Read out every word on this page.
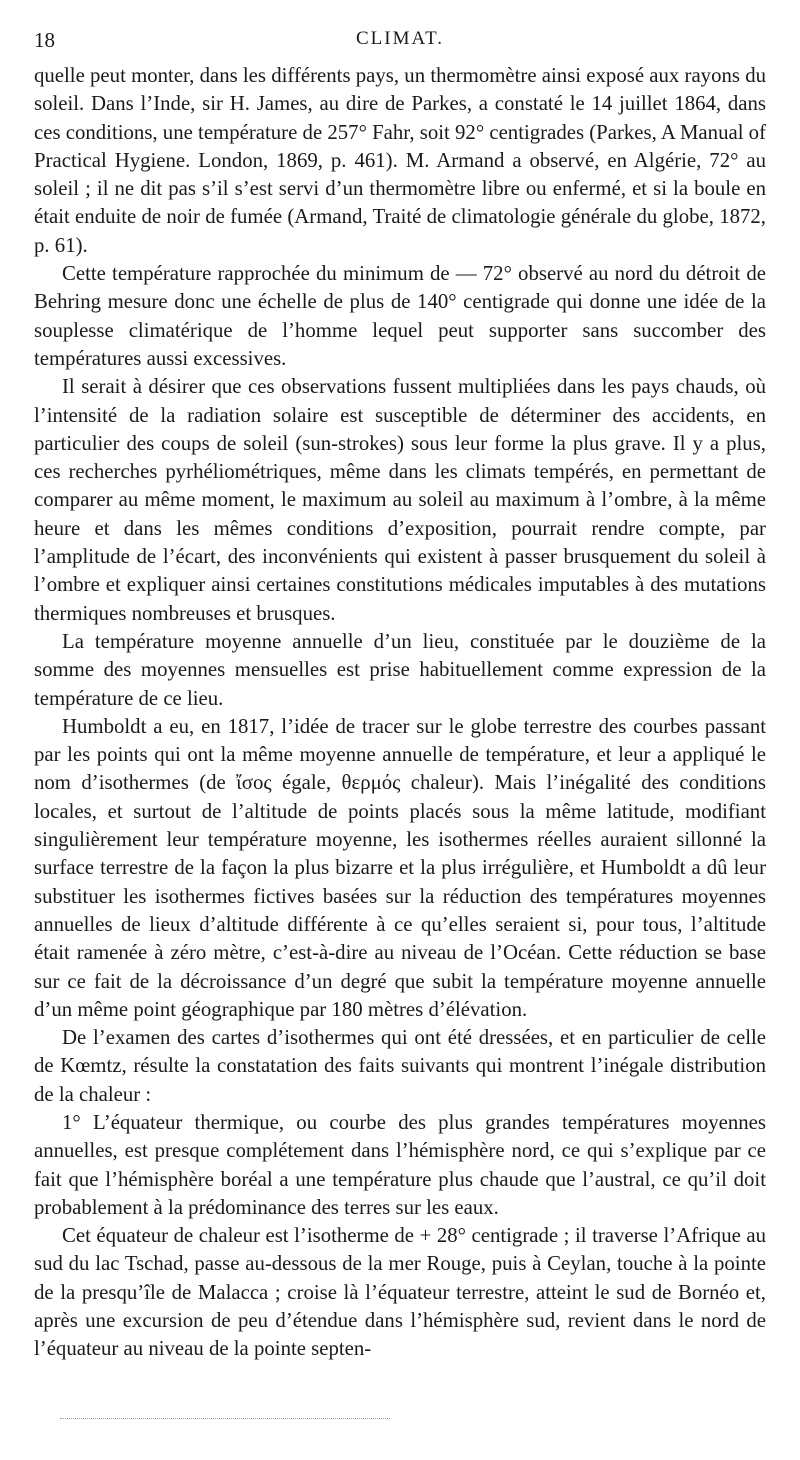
18	CLIMAT.

quelle peut monter, dans les différents pays, un thermomètre ainsi exposé aux rayons du soleil. Dans l’Inde, sir H. James, au dire de Parkes, a constaté le 14 juillet 1864, dans ces conditions, une température de 257° Fahr, soit 92° centigrades (Parkes, A Manual of Practical Hygiene. London, 1869, p. 461). M. Armand a observé, en Algérie, 72° au soleil ; il ne dit pas s’il s’est servi d’un thermomètre libre ou enfermé, et si la boule en était enduite de noir de fumée (Armand, Traité de climatologie générale du globe, 1872, p. 61).

Cette température rapprochée du minimum de — 72° observé au nord du détroit de Behring mesure donc une échelle de plus de 140° centigrade qui donne une idée de la souplesse climatérique de l’homme lequel peut supporter sans succomber des températures aussi excessives.

Il serait à désirer que ces observations fussent multipliées dans les pays chauds, où l’intensité de la radiation solaire est susceptible de déterminer des accidents, en particulier des coups de soleil (sun-strokes) sous leur forme la plus grave. Il y a plus, ces recherches pyrhéliométriques, même dans les climats tempérés, en permettant de comparer au même moment, le maximum au soleil au maximum à l’ombre, à la même heure et dans les mêmes conditions d’exposition, pourrait rendre compte, par l’amplitude de l’écart, des inconvénients qui existent à passer brusquement du soleil à l’ombre et expliquer ainsi certaines constitutions médicales imputables à des mutations thermiques nombreuses et brusques.

La température moyenne annuelle d’un lieu, constituée par le douzième de la somme des moyennes mensuelles est prise habituellement comme expression de la température de ce lieu.

Humboldt a eu, en 1817, l’idée de tracer sur le globe terrestre des courbes passant par les points qui ont la même moyenne annuelle de température, et leur a appliqué le nom d’isothermes (de ἴσος égale, θερμός chaleur). Mais l’inégalité des conditions locales, et surtout de l’altitude de points placés sous la même latitude, modifiant singulièrement leur température moyenne, les isothermes réelles auraient sillonné la surface terrestre de la façon la plus bizarre et la plus irrégulière, et Humboldt a dû leur substituer les isothermes fictives basées sur la réduction des températures moyennes annuelles de lieux d’altitude différente à ce qu’elles seraient si, pour tous, l’altitude était ramenée à zéro mètre, c’est-à-dire au niveau de l’Océan. Cette réduction se base sur ce fait de la décroissance d’un degré que subit la température moyenne annuelle d’un même point géographique par 180 mètres d’élévation.

De l’examen des cartes d’isothermes qui ont été dressées, et en particulier de celle de Kœmtz, résulte la constatation des faits suivants qui montrent l’inégale distribution de la chaleur :

1° L’équateur thermique, ou courbe des plus grandes températures moyennes annuelles, est presque complétement dans l’hémisphère nord, ce qui s’explique par ce fait que l’hémisphère boréal a une température plus chaude que l’austral, ce qu’il doit probablement à la prédominance des terres sur les eaux.

Cet équateur de chaleur est l’isotherme de + 28° centigrade ; il traverse l’Afrique au sud du lac Tschad, passe au-dessous de la mer Rouge, puis à Ceylan, touche à la pointe de la presqu’île de Malacca ; croise là l’équateur terrestre, atteint le sud de Bornéo et, après une excursion de peu d’étendue dans l’hémisphère sud, revient dans le nord de l’équateur au niveau de la pointe septen-
